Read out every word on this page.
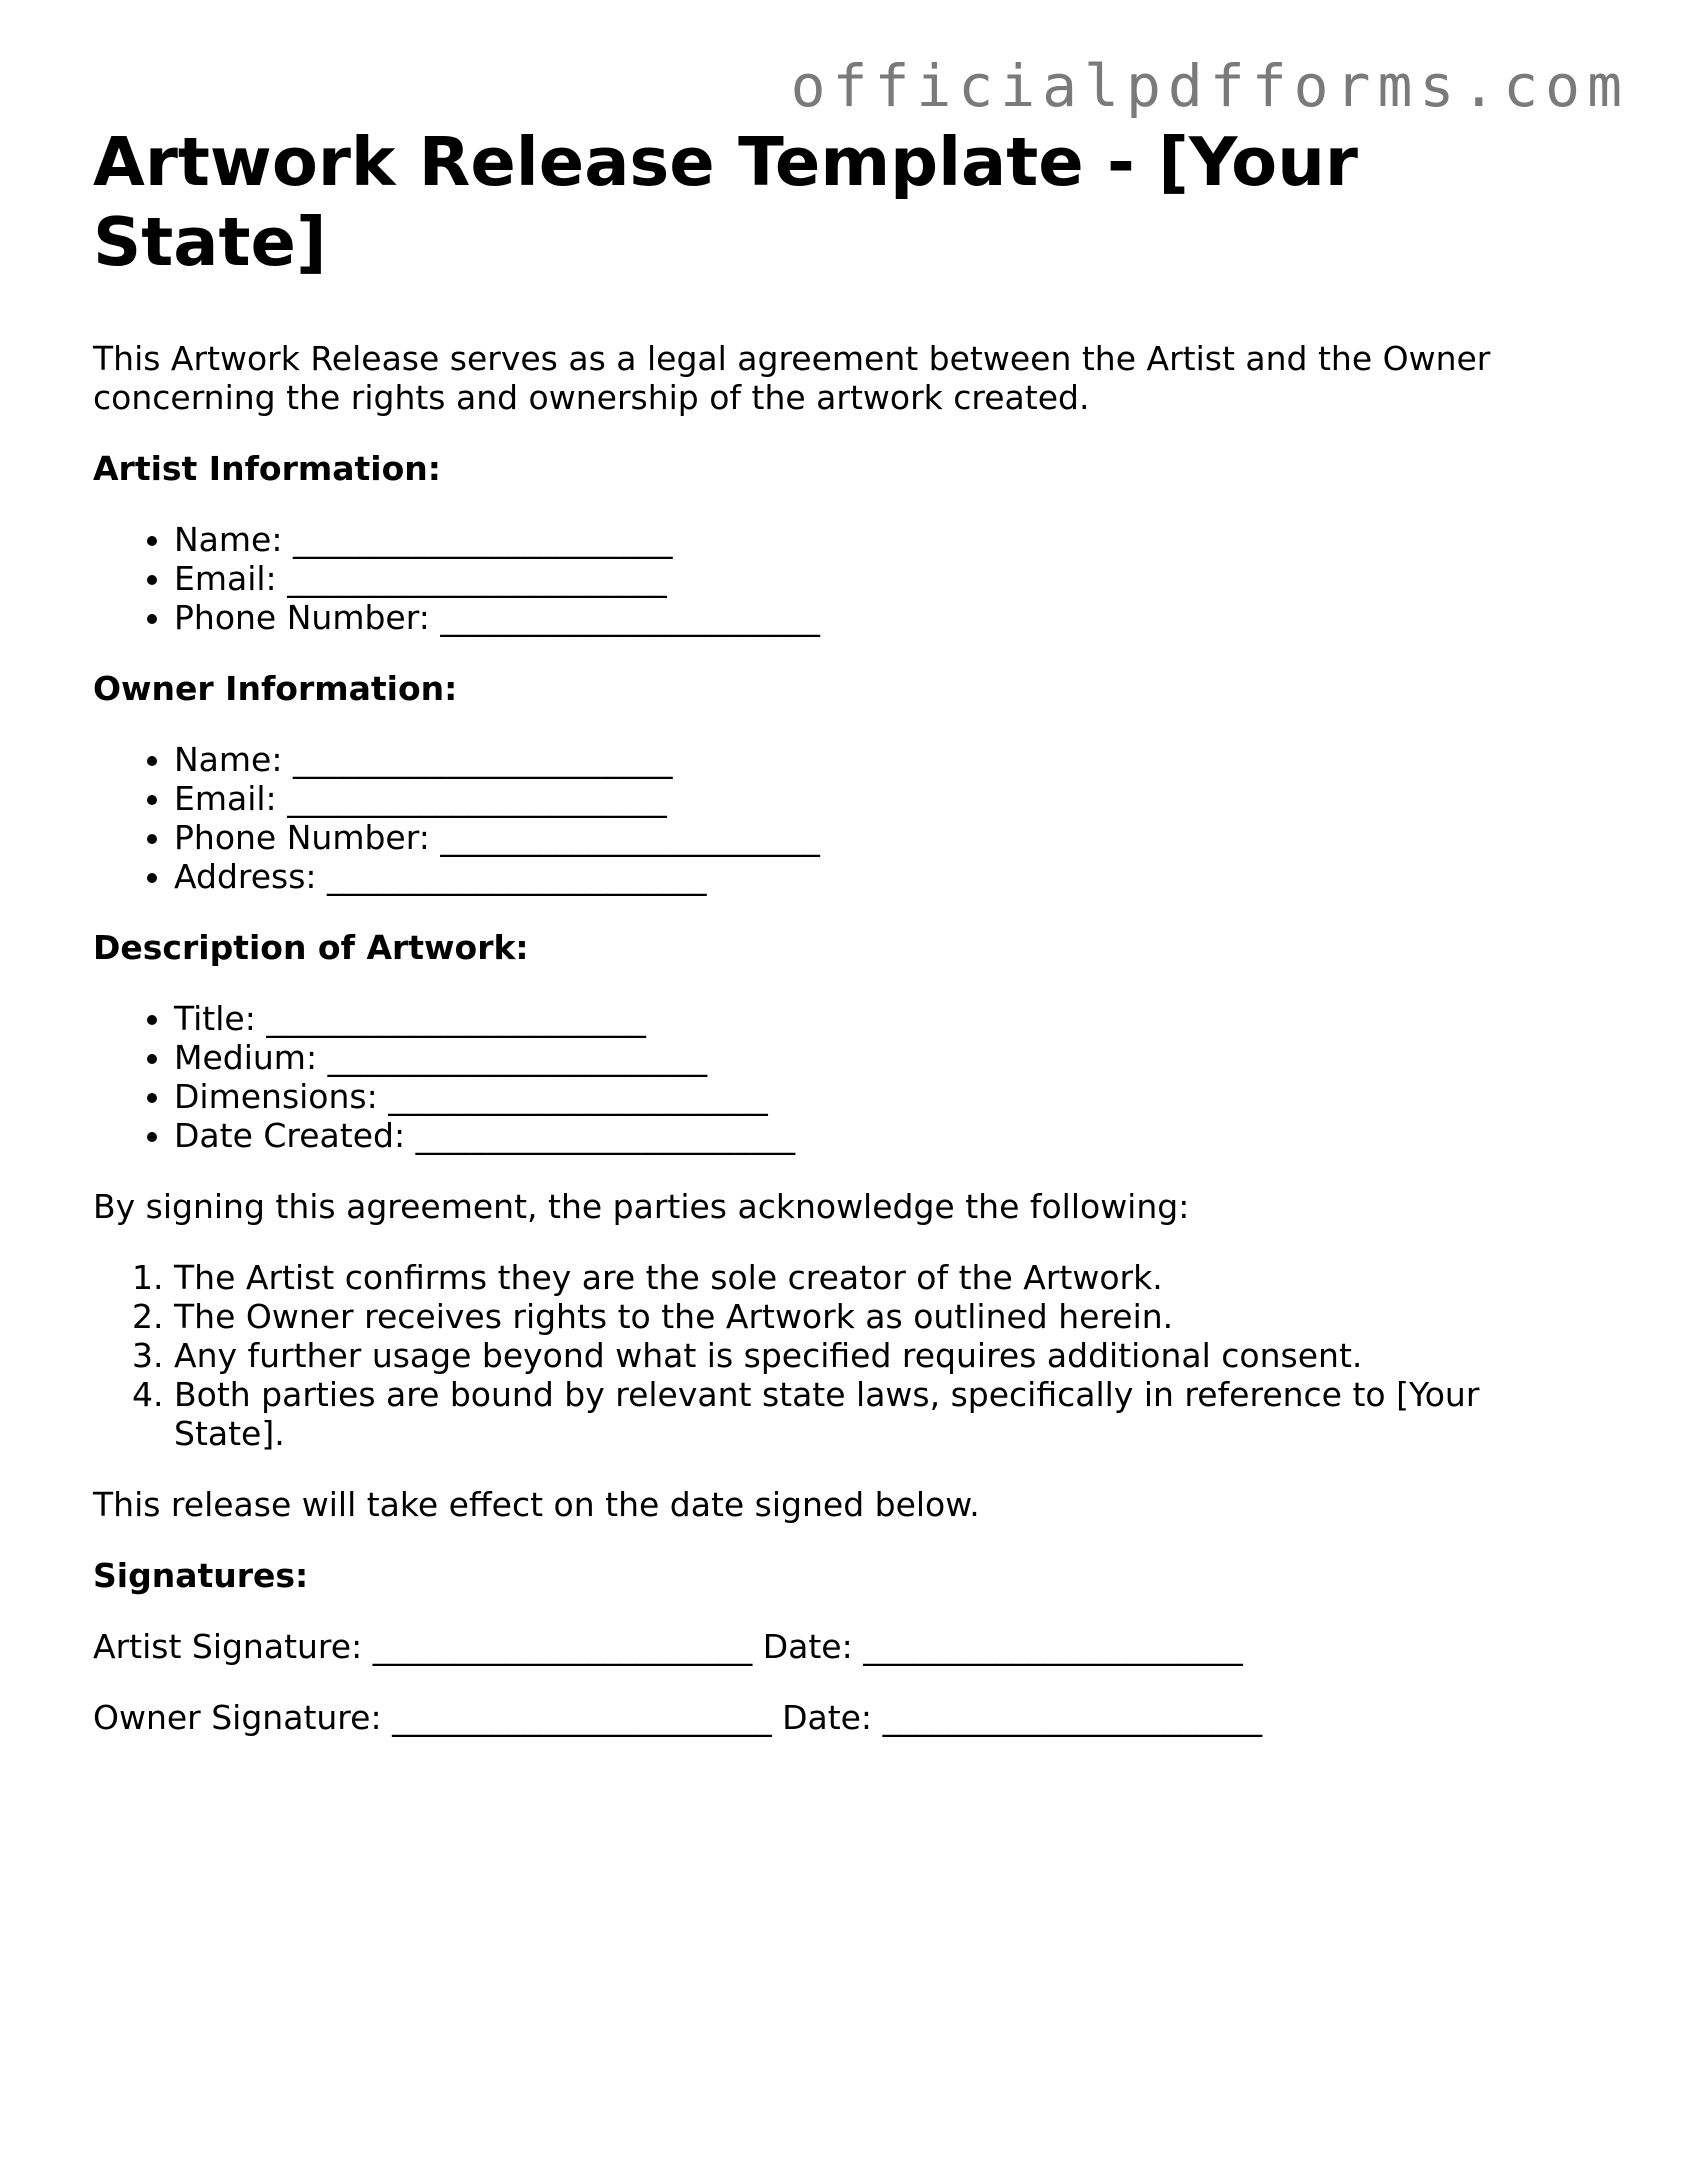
officialpdfforms.com
Artwork Release Template - [Your State]

This Artwork Release serves as a legal agreement between the Artist and the Owner concerning the rights and ownership of the artwork created.

Artist Information:
• Name: _______________________
• Email: _______________________
• Phone Number: _______________________
Owner Information:
• Name: _______________________
• Email: _______________________
• Phone Number: _______________________
• Address: _______________________
Description of Artwork:
• Title: _______________________
• Medium: _______________________
• Dimensions: _______________________
• Date Created: _______________________

By signing this agreement, the parties acknowledge the following:

1. The Artist confirms they are the sole creator of the Artwork.
2. The Owner receives rights to the Artwork as outlined herein.
3. Any further usage beyond what is specified requires additional consent.
4. Both parties are bound by relevant state laws, specifically in reference to [Your State].

This release will take effect on the date signed below.

Signatures:
Artist Signature: _______________________ Date: _______________________
Owner Signature: _______________________ Date: _______________________
